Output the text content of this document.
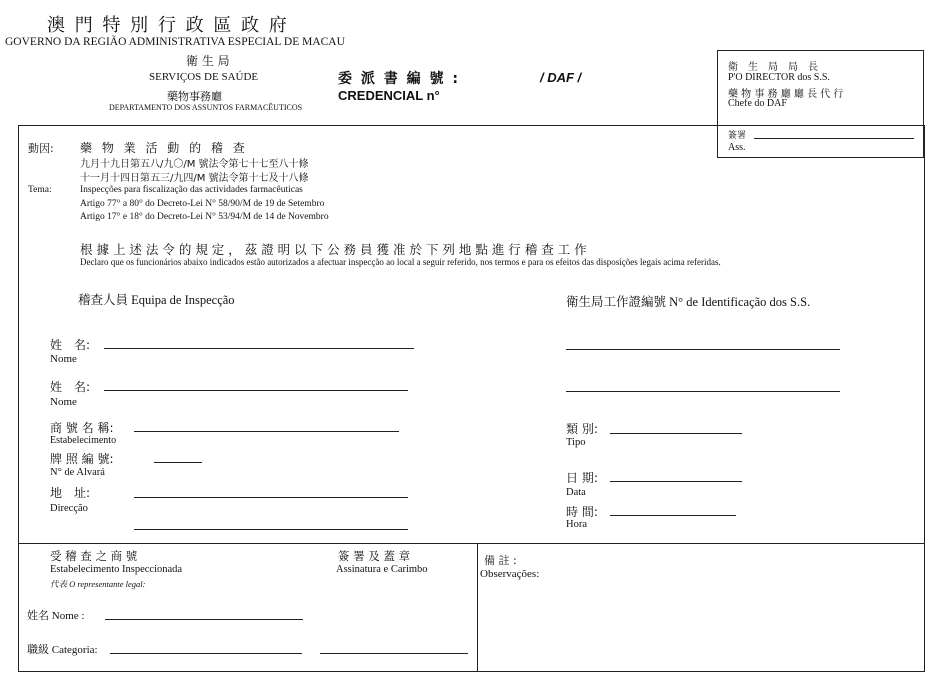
澳 門 特 別 行 政 區 政 府
GOVERNO DA REGIÃO ADMINISTRATIVA ESPECIAL DE MACAU
衛 生 局
SERVIÇOS DE SAÚDE
藥物事務廳
DEPARTAMENTO DOS ASSUNTOS FARMACÊUTICOS
委 派 書 編 號 :
CREDENCIAL n°
/ DAF /
衛　生　局　局　長
P'O DIRECTOR dos S.S.
藥 物 事 務 廳 廳 長 代 行
Chefe do DAF
簽署
Ass.
動因: 藥 物 業 活 動 的 稽 查
九月十九日第五八/九〇/M 號法令第七十七至八十條
十一月十四日第五三/九四/M 號法令第十七及十八條
Tema:	Inspecções para fiscalização das actividades farmacêuticas
Artigo 77° a 80° do Decreto-Lei N° 58/90/M de 19 de Setembro
Artigo 17° e 18° do Decreto-Lei N° 53/94/M de 14 de Novembro
根 據 上 述 法 令 的 規 定 ， 茲 證 明 以 下 公 務 員 獲 准 於 下 列 地 點 進 行 稽 查 工 作
Declaro que os funcionários abaixo indicados estão autorizados a afectuar inspecção ao local a seguir referido, nos termos e para os efeitos das disposições legais acima referidas.
稽查人員 Equipa de Inspecção	衛生局工作證編號 N° de Identificação dos S.S.
姓　名:
Nome
姓　名:
Nome
商 號 名 稱:
Estabelecimento
牌 照 編 號:
N° de Alvará
地　址:
Direcção
類 別:
Tipo
日 期:
Data
時 間:
Hora
受 稽 查 之 商 號
Estabelecimento Inspeccionada
代表 O representante legal:
簽 署 及 蓋 章
Assinatura e Carimbo
姓名 Nome :
職級 Categoria:
備 註 :
Observações:
